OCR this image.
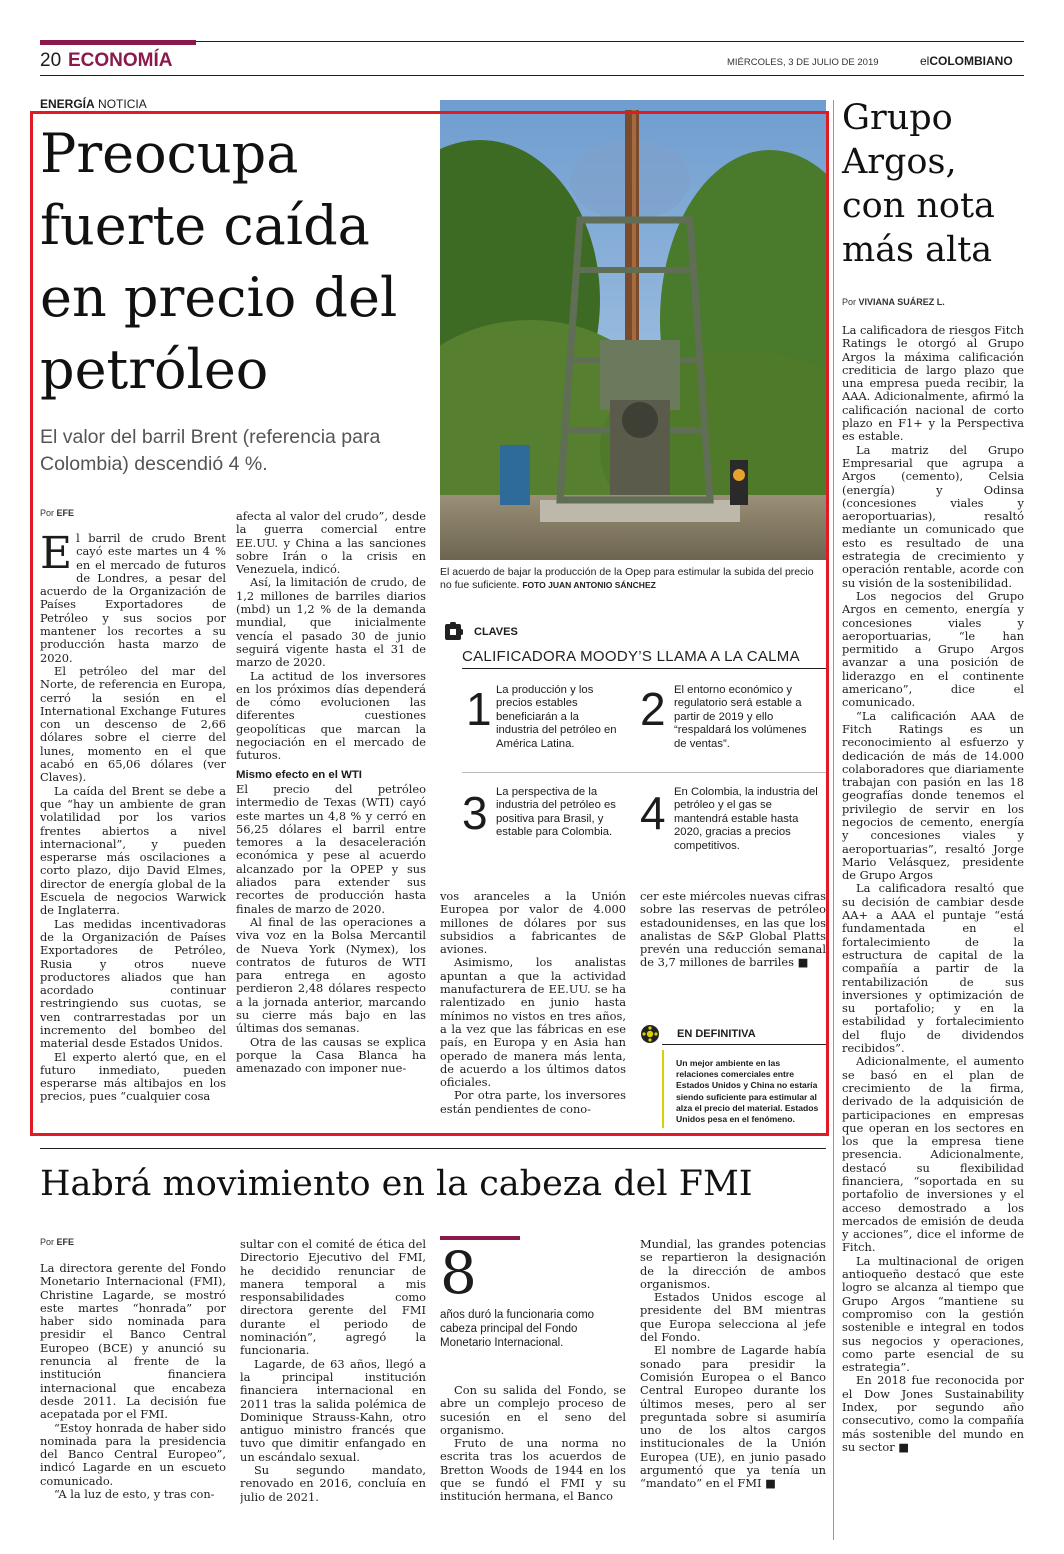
20 ECONOMÍA	MIÉRCOLES, 3 DE JULIO DE 2019	elCOLOMBIANO
ENERGÍA NOTICIA
Preocupa fuerte caída en precio del petróleo
El valor del barril Brent (referencia para Colombia) descendió 4 %.
Por EFE

El barril de crudo Brent cayó este martes un 4 % en el mercado de futuros de Londres, a pesar del acuerdo de la Organización de Países Exportadores de Petróleo y sus socios por mantener los recortes a su producción hasta marzo de 2020.

El petróleo del mar del Norte, de referencia en Europa, cerró la sesión en el International Exchange Futures con un descenso de 2,66 dólares sobre el cierre del lunes, momento en el que acabó en 65,06 dólares (ver Claves).

La caída del Brent se debe a que “hay un ambiente de gran volatilidad por los varios frentes abiertos a nivel internacional”, y pueden esperarse más oscilaciones a corto plazo, dijo David Elmes, director de energía global de la Escuela de negocios Warwick de Inglaterra.

Las medidas incentivadoras de la Organización de Países Exportadores de Petróleo, Rusia y otros nueve productores aliados que han acordado continuar restringiendo sus cuotas, se ven contrarrestadas por un incremento del bombeo del material desde Estados Unidos.

El experto alertó que, en el futuro inmediato, pueden esperarse más altibajos en los precios, pues “cualquier cosa

afecta al valor del crudo”, desde la guerra comercial entre EE.UU. y China a las sanciones sobre Irán o la crisis en Venezuela, indicó.

Así, la limitación de crudo, de 1,2 millones de barriles diarios (mbd) un 1,2 % de la demanda mundial, que inicialmente vencía el pasado 30 de junio seguirá vigente hasta el 31 de marzo de 2020.

La actitud de los inversores en los próximos días dependerá de cómo evolucionen las diferentes cuestiones geopolíticas que marcan la negociación en el mercado de futuros.

Mismo efecto en el WTI

El precio del petróleo intermedio de Texas (WTI) cayó este martes un 4,8 % y cerró en 56,25 dólares el barril entre temores a la desaceleración económica y pese al acuerdo alcanzado por la OPEP y sus aliados para extender sus recortes de producción hasta finales de marzo de 2020.

Al final de las operaciones a viva voz en la Bolsa Mercantil de Nueva York (Nymex), los contratos de futuros de WTI para entrega en agosto perdieron 2,48 dólares respecto a la jornada anterior, marcando su cierre más bajo en las últimas dos semanas.

Otra de las causas se explica porque la Casa Blanca ha amenazado con imponer nue-

El acuerdo de bajar la producción de la Opep para estimular la subida del precio no fue suficiente. FOTO JUAN ANTONIO SÁNCHEZ
CLAVES
CALIFICADORA MOODY’S LLAMA A LA CALMA
1 La producción y los precios estables beneficiarán a la industria del petróleo en América Latina.
2 El entorno económico y regulatorio será estable a partir de 2019 y ello “respaldará los volúmenes de ventas”.
3 La perspectiva de la industria del petróleo es positiva para Brasil, y estable para Colombia. 4 En Colombia, la industria del petróleo y el gas se mantendrá estable hasta 2020, gracias a precios competitivos.

vos aranceles a la Unión Europea por valor de 4.000 millones de dólares por sus subsidios a fabricantes de aviones.

Asimismo, los analistas apuntan a que la actividad manufacturera de EE.UU. se ha ralentizado en junio hasta mínimos no vistos en tres años, a la vez que las fábricas en ese país, en Europa y en Asia han operado de manera más lenta, de acuerdo a los últimos datos oficiales.

Por otra parte, los inversores están pendientes de cono-

cer este miércoles nuevas cifras sobre las reservas de petróleo estadounidenses, en las que los analistas de S&P Global Platts prevén una reducción semanal de 3,7 millones de barriles ■

EN DEFINITIVA
Un mejor ambiente en las relaciones comerciales entre Estados Unidos y China no estaría siendo suficiente para estimular al alza el precio del material. Estados Unidos pesa en el fenómeno.
Grupo Argos, con nota más alta
Por VIVIANA SUÁREZ L.

La calificadora de riesgos Fitch Ratings le otorgó al Grupo Argos la máxima calificación crediticia de largo plazo que una empresa pueda recibir, la AAA. Adicionalmente, afirmó la calificación nacional de corto plazo en F1+ y la Perspectiva es estable.

La matriz del Grupo Empresarial que agrupa a Argos (cemento), Celsia (energía) y Odinsa (concesiones viales y aeroportuarias), resaltó mediante un comunicado que esto es resultado de una estrategia de crecimiento y operación rentable, acorde con su visión de la sostenibilidad.

Los negocios del Grupo Argos en cemento, energía y concesiones viales y aeroportuarias, “le han permitido a Grupo Argos avanzar a una posición de liderazgo en el continente americano”, dice el comunicado.

“La calificación AAA de Fitch Ratings es un reconocimiento al esfuerzo y dedicación de más de 14.000 colaboradores que diariamente trabajan con pasión en las 18 geografías donde tenemos el privilegio de servir en los negocios de cemento, energía y concesiones viales y aeroportuarias”, resaltó Jorge Mario Velásquez, presidente de Grupo Argos

La calificadora resaltó que su decisión de cambiar desde AA+ a AAA el puntaje “está fundamentada en el fortalecimiento de la estructura de capital de la compañía a partir de la rentabilización de sus inversiones y optimización de su portafolio; y en la estabilidad y fortalecimiento del flujo de dividendos recibidos”.

Adicionalmente, el aumento se basó en el plan de crecimiento de la firma, derivado de la adquisición de participaciones en empresas que operan en los sectores en los que la empresa tiene presencia. Adicionalmente, destacó su flexibilidad financiera, “soportada en su portafolio de inversiones y el acceso demostrado a los mercados de emisión de deuda y acciones”, dice el informe de Fitch.

La multinacional de origen antioqueño destacó que este logro se alcanza al tiempo que Grupo Argos “mantiene su compromiso con la gestión sostenible e integral en todos sus negocios y operaciones, como parte esencial de su estrategia”.

En 2018 fue reconocida por el Dow Jones Sustainability Index, por segundo año consecutivo, como la compañía más sostenible del mundo en su sector ■

Habrá movimiento en la cabeza del FMI
Por EFE

La directora gerente del Fondo Monetario Internacional (FMI), Christine Lagarde, se mostró este martes “honrada” por haber sido nominada para presidir el Banco Central Europeo (BCE) y anunció su renuncia al frente de la institución financiera internacional que encabeza desde 2011. La decisión fue acepatada por el FMI.

“Estoy honrada de haber sido nominada para la presidencia del Banco Central Europeo”, indicó Lagarde en un escueto comunicado.

“A la luz de esto, y tras con-

sultar con el comité de ética del Directorio Ejecutivo del FMI, he decidido renunciar de manera temporal a mis responsabilidades como directora gerente del FMI durante el periodo de nominación”, agregó la funcionaria.

Lagarde, de 63 años, llegó a la principal institución financiera internacional en 2011 tras la salida polémica de Dominique Strauss-Kahn, otro antiguo ministro francés que tuvo que dimitir enfangado en un escándalo sexual.

Su segundo mandato, renovado en 2016, concluía en julio de 2021.

8
años duró la funcionaria como cabeza principal del Fondo Monetario Internacional.

Con su salida del Fondo, se abre un complejo proceso de sucesión en el seno del organismo.

Fruto de una norma no escrita tras los acuerdos de Bretton Woods de 1944 en los que se fundó el FMI y su institución hermana, el Banco

Mundial, las grandes potencias se repartieron la designación de la dirección de ambos organismos.

Estados Unidos escoge al presidente del BM mientras que Europa selecciona al jefe del Fondo.

El nombre de Lagarde había sonado para presidir la Comisión Europea o el Banco Central Europeo durante los últimos meses, pero al ser preguntada sobre si asumiría uno de los altos cargos institucionales de la Unión Europea (UE), en junio pasado argumentó que ya tenía un “mandato” en el FMI ■
